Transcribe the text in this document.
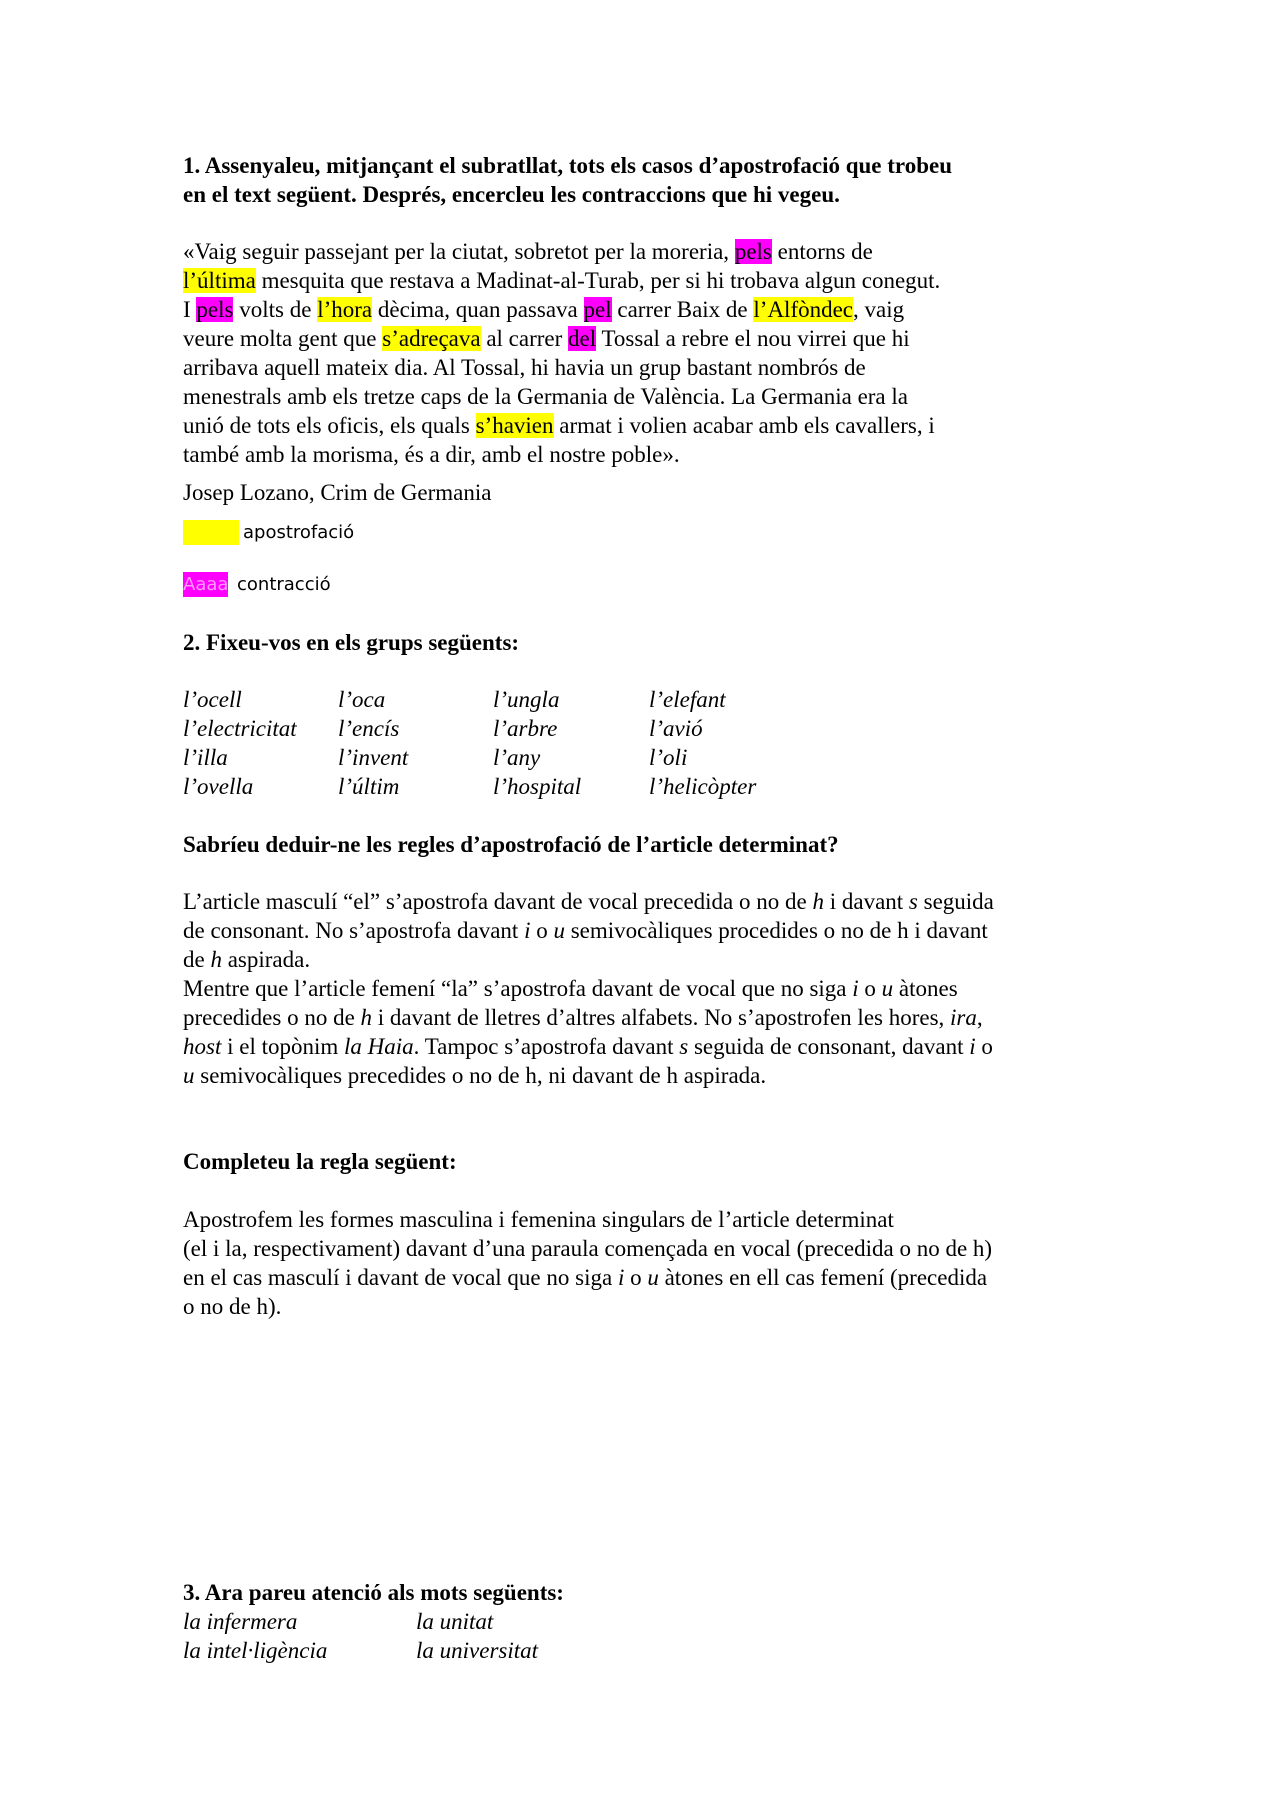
1. Assenyaleu, mitjançant el subratllat, tots els casos d’apostrofació que trobeu
en el text següent. Després, encercleu les contraccions que hi vegeu.
«Vaig seguir passejant per la ciutat, sobretot per la moreria, pels entorns de
l’última mesquita que restava a Madinat-al-Turab, per si hi trobava algun conegut.
I pels volts de l’hora dècima, quan passava pel carrer Baix de l’Alfòndec, vaig
veure molta gent que s’adreçava al carrer del Tossal a rebre el nou virrei que hi
arribava aquell mateix dia. Al Tossal, hi havia un grup bastant nombrós de
menestrals amb els tretze caps de la Germania de València. La Germania era la
unió de tots els oficis, els quals s’havien armat i volien acabar amb els cavallers, i
també amb la morisma, és a dir, amb el nostre poble».
Josep Lozano, Crim de Germania
apostrofació
Aaaa contracció
2. Fixeu-vos en els grups següents:
l’ocell	l’oca	l’ungla	l’elefant
l’electricitat l’encís	l’arbre	l’avió
l’illa	l’invent	l’any	l’oli
l’ovella	l’últim	l’hospital	l’helicòpter
Sabríeu deduir-ne les regles d’apostrofació de l’article determinat?
L’article masculí “el” s’apostrofa davant de vocal precedida o no de h i davant s seguida
de consonant. No s’apostrofa davant i o u semivocàliques procedides o no de h i davant
de h aspirada.
Mentre que l’article femení “la” s’apostrofa davant de vocal que no siga i o u àtones
precedides o no de h i davant de lletres d’altres alfabets. No s’apostrofen les hores, ira,
host i el topònim la Haia. Tampoc s’apostrofa davant s seguida de consonant, davant i o
u semivocàliques precedides o no de h, ni davant de h aspirada.
Completeu la regla següent:
Apostrofem les formes masculina i femenina singulars de l’article determinat
(el i la, respectivament) davant d’una paraula començada en vocal (precedida o no de h)
en el cas masculí i davant de vocal que no siga i o u àtones en ell cas femení (precedida
o no de h).
3. Ara pareu atenció als mots següents:
la infermera	la unitat
la intel·ligència	la universitat
